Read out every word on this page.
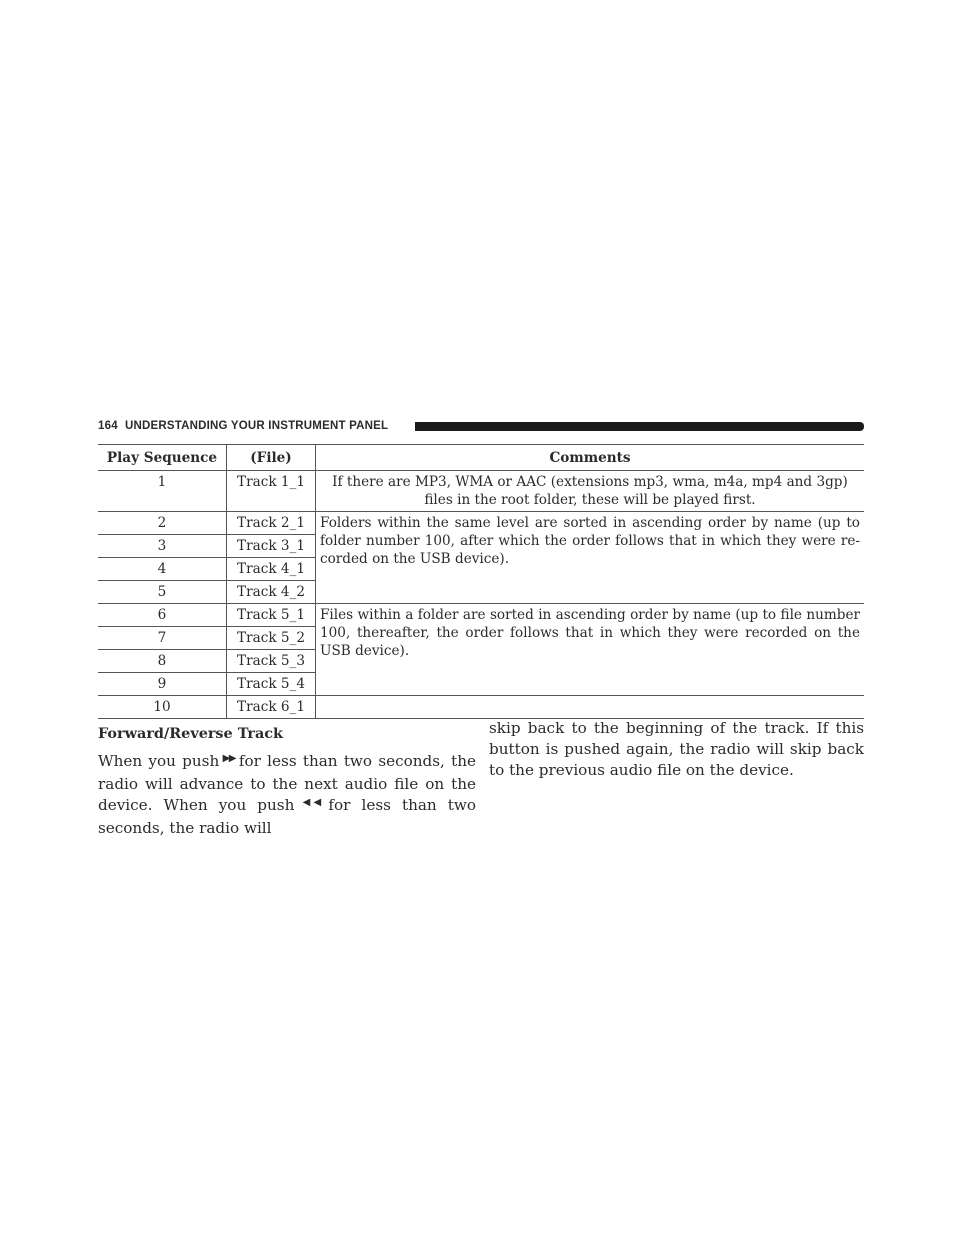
164 UNDERSTANDING YOUR INSTRUMENT PANEL
Play Sequence	(File)	Comments
1	Track 1_1	If there are MP3, WMA or AAC (extensions mp3, wma, m4a, mp4 and 3gp) files in the root folder, these will be played first.
2	Track 2_1	Folders within the same level are sorted in ascending order by name (up to folder number 100, after which the order follows that in which they were re-corded on the USB device).

3	Track 3_1	
4	Track 4_1	
5	Track 4_2	
6	Track 5_1	Files within a folder are sorted in ascending order by name (up to file number 100, thereafter, the order follows that in which they were recorded on the USB device).

7	Track 5_2	
8	Track 5_3	
9	Track 5_4	
10	Track 6_1	
Forward/Reverse Track

When you push ▶▶ for less than two seconds, the radio will advance to the next audio file on the device. When you push ◀◀ for less than two seconds, the radio will

skip back to the beginning of the track. If this button is pushed again, the radio will skip back to the previous audio file on the device.
